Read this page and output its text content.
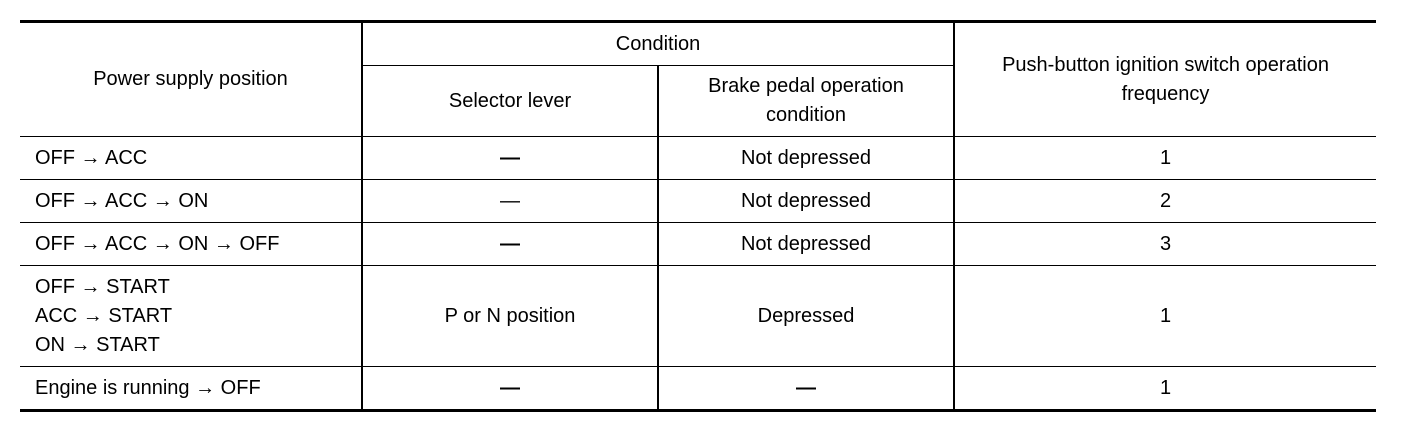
Power supply position	Condition		Push-button ignition switch operation
frequency

	Selector lever	Brake pedal operation
condition	

OFF → ACC	—	Not depressed	1
OFF → ACC → ON	—	Not depressed	2
OFF → ACC → ON → OFF	—	Not depressed	3

OFF → START
ACC → START
ON → START	P or N position	Depressed	1
Engine is running → OFF	—	—	1
